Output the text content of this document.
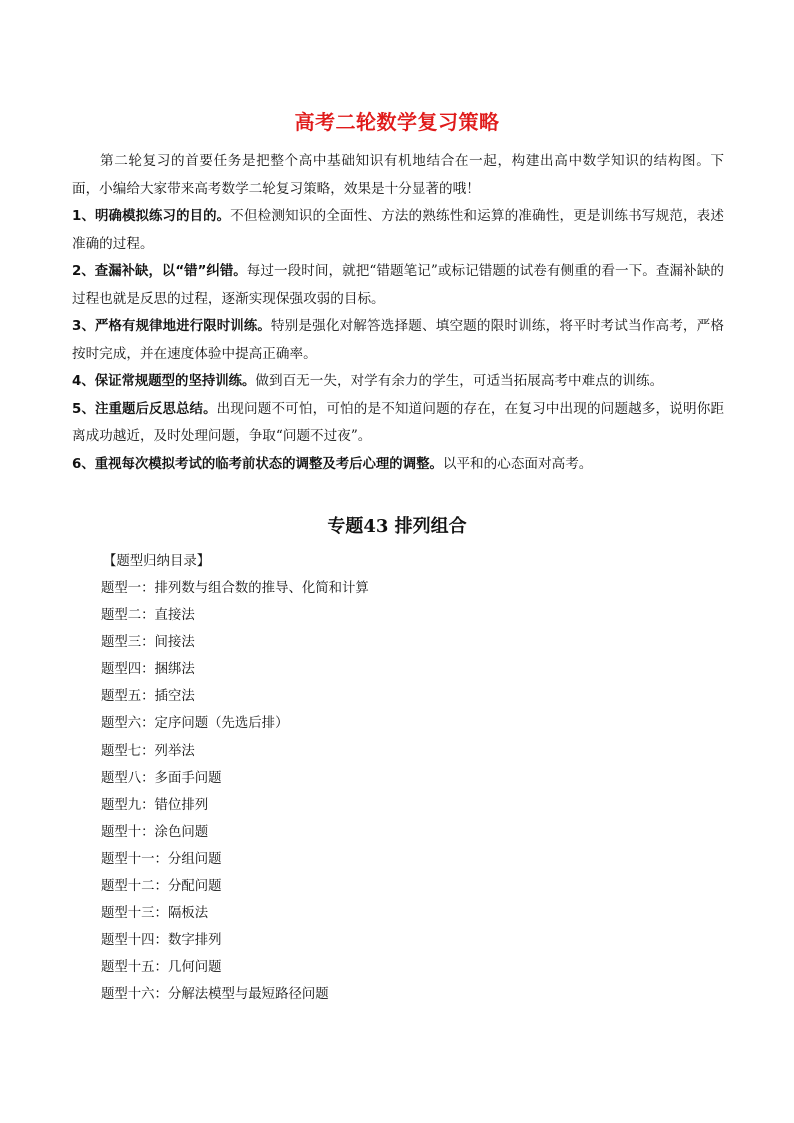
高考二轮数学复习策略

第二轮复习的首要任务是把整个高中基础知识有机地结合在一起，构建出高中数学知识的结构图。下面，小编给大家带来高考数学二轮复习策略，效果是十分显著的哦！

1、明确模拟练习的目的。不但检测知识的全面性、方法的熟练性和运算的准确性，更是训练书写规范，表述准确的过程。

2、查漏补缺，以“错”纠错。每过一段时间，就把“错题笔记”或标记错题的试卷有侧重的看一下。查漏补缺的过程也就是反思的过程，逐渐实现保强攻弱的目标。

3、严格有规律地进行限时训练。特别是强化对解答选择题、填空题的限时训练，将平时考试当作高考，严格按时完成，并在速度体验中提高正确率。

4、保证常规题型的坚持训练。做到百无一失，对学有余力的学生，可适当拓展高考中难点的训练。

5、注重题后反思总结。出现问题不可怕，可怕的是不知道问题的存在，在复习中出现的问题越多，说明你距离成功越近，及时处理问题，争取“问题不过夜”。

6、重视每次模拟考试的临考前状态的调整及考后心理的调整。以平和的心态面对高考。

专题43 排列组合
【题型归纳目录】
题型一：排列数与组合数的推导、化简和计算
题型二：直接法
题型三：间接法
题型四：捆绑法
题型五：插空法
题型六：定序问题（先选后排）
题型七：列举法
题型八：多面手问题
题型九：错位排列
题型十：涂色问题
题型十一：分组问题
题型十二：分配问题
题型十三：隔板法
题型十四：数字排列
题型十五：几何问题
题型十六：分解法模型与最短路径问题
